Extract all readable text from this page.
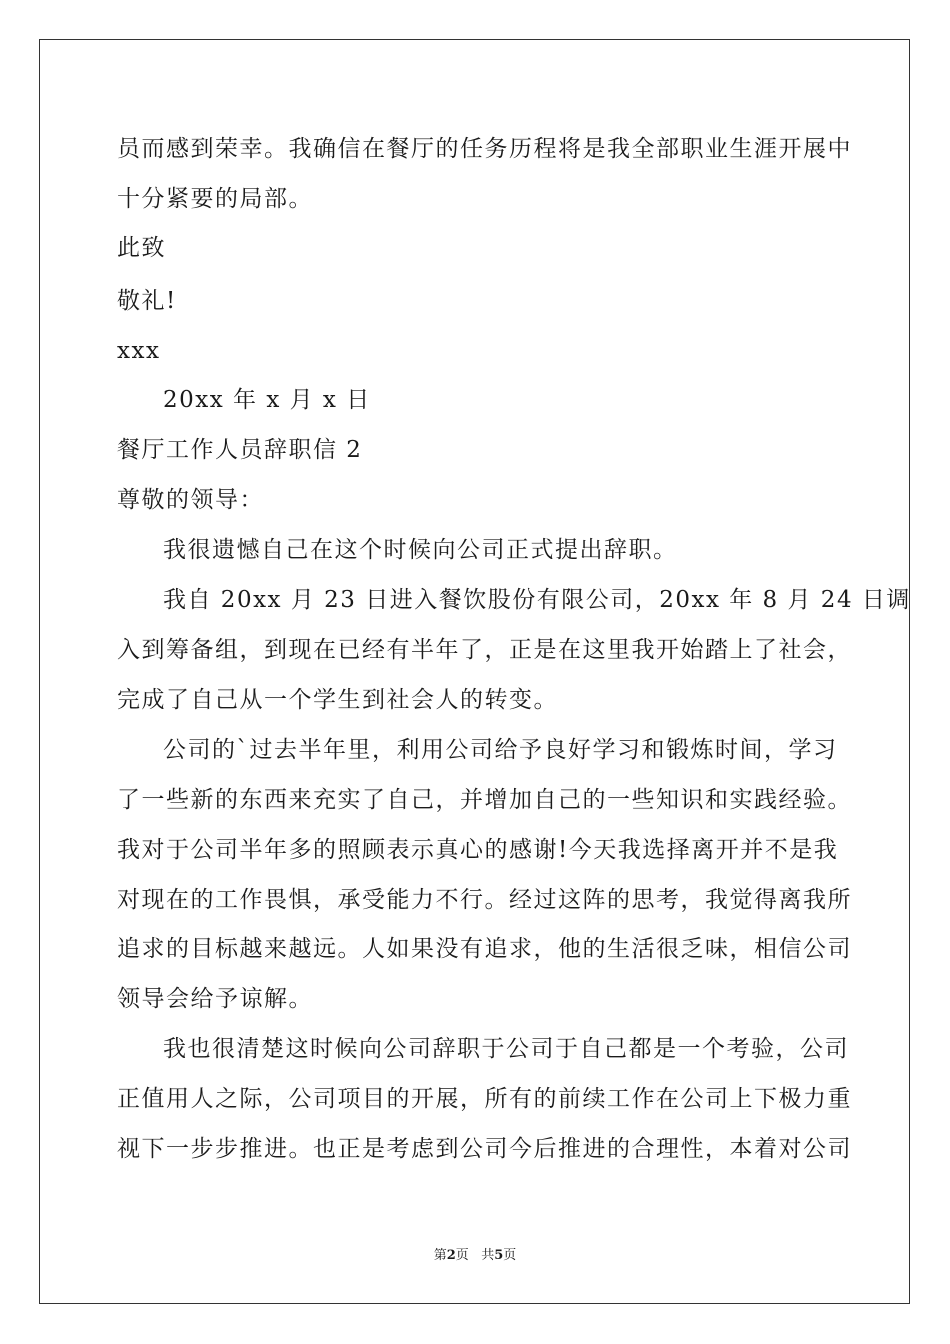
员而感到荣幸。我确信在餐厅的任务历程将是我全部职业生涯开展中
十分紧要的局部。
此致
敬礼!
xxx
20xx 年 x 月 x 日
餐厅工作人员辞职信 2
尊敬的领导：
我很遗憾自己在这个时候向公司正式提出辞职。
我自 20xx 月 23 日进入餐饮股份有限公司，20xx 年 8 月 24 日调
入到筹备组，到现在已经有半年了，正是在这里我开始踏上了社会，
完成了自己从一个学生到社会人的转变。
公司的`过去半年里，利用公司给予良好学习和锻炼时间，学习
了一些新的东西来充实了自己，并增加自己的一些知识和实践经验。
我对于公司半年多的照顾表示真心的感谢!今天我选择离开并不是我
对现在的工作畏惧，承受能力不行。经过这阵的思考，我觉得离我所
追求的目标越来越远。人如果没有追求，他的生活很乏味，相信公司
领导会给予谅解。
我也很清楚这时候向公司辞职于公司于自己都是一个考验，公司
正值用人之际，公司项目的开展，所有的前续工作在公司上下极力重
视下一步步推进。也正是考虑到公司今后推进的合理性，本着对公司
第2页   共5页
